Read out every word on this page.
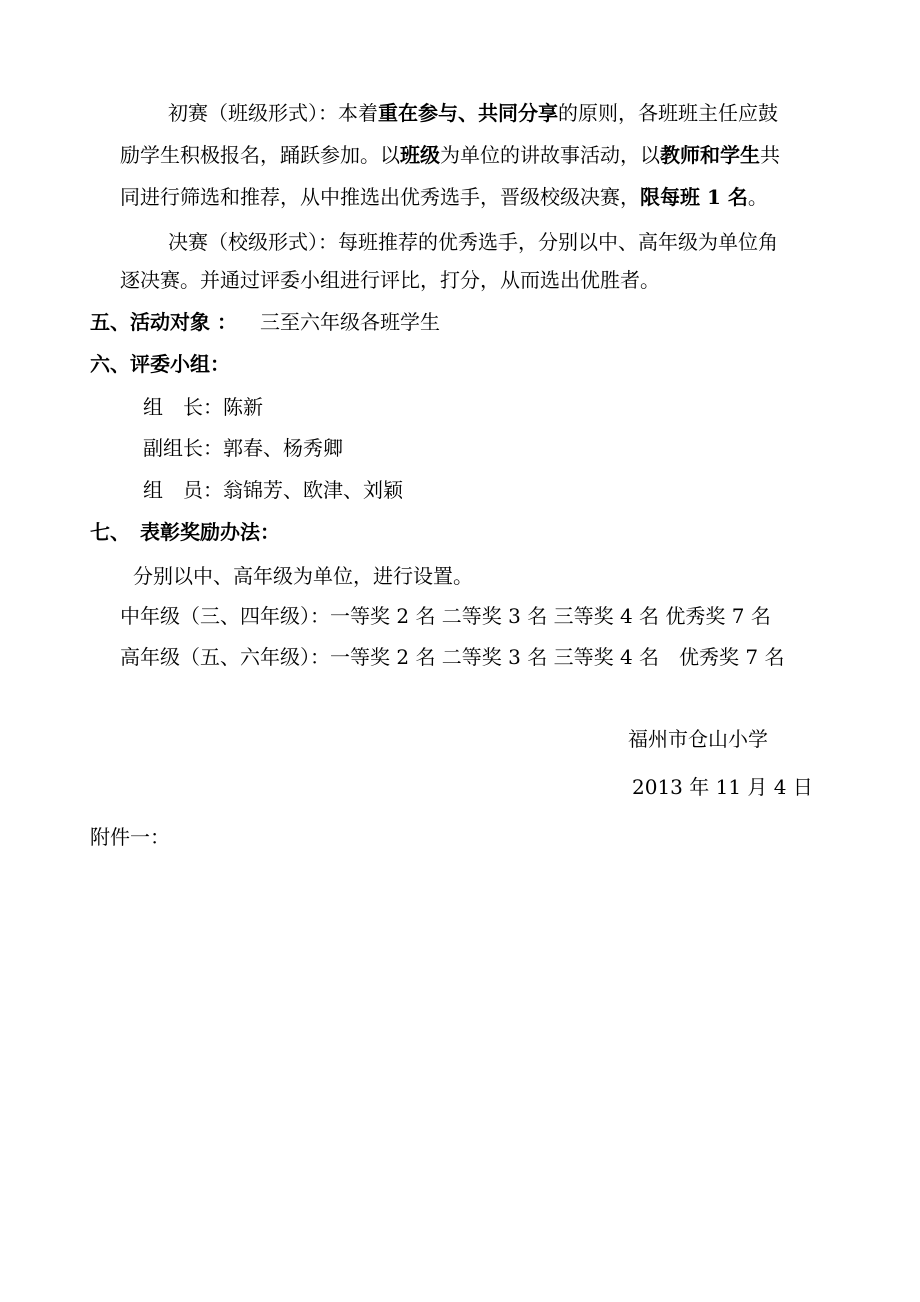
初赛（班级形式）：本着重在参与、共同分享的原则，各班班主任应鼓
励学生积极报名，踊跃参加。以班级为单位的讲故事活动，以教师和学生共
同进行筛选和推荐，从中推选出优秀选手，晋级校级决赛，限每班 1 名。
决赛（校级形式）：每班推荐的优秀选手，分别以中、高年级为单位角
逐决赛。并通过评委小组进行评比，打分，从而选出优胜者。
五、活动对象 ： 三至六年级各班学生
六、评委小组：
组　长：陈新
副组长：郭春、杨秀卿
组　员：翁锦芳、欧津、刘颖
七、　表彰奖励办法：
分别以中、高年级为单位，进行设置。
中年级（三、四年级）：一等奖 2 名 二等奖 3 名 三等奖 4 名 优秀奖 7 名
高年级（五、六年级）：一等奖 2 名 二等奖 3 名 三等奖 4 名　优秀奖 7 名
福州市仓山小学
2013 年 11 月 4 日
附件一：
